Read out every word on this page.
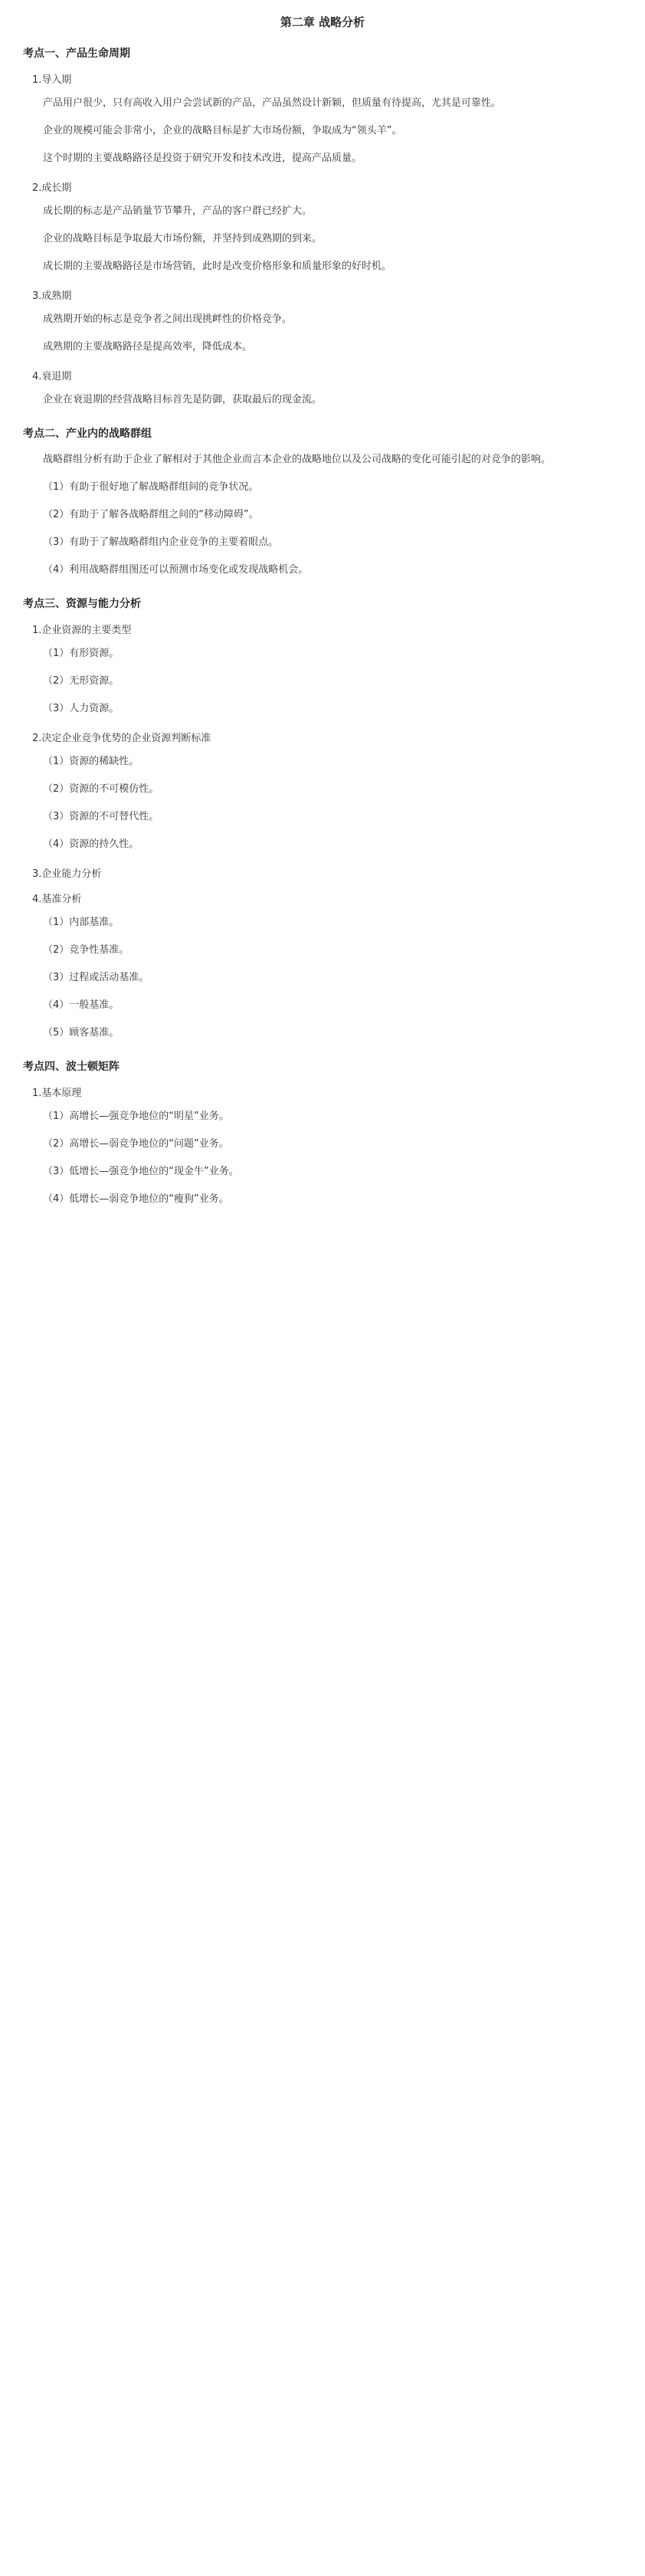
第二章 战略分析
考点一、产品生命周期
1.导入期

产品用户很少，只有高收入用户会尝试新的产品，产品虽然设计新颖，但质量有待提高，尤其是可靠性。

企业的规模可能会非常小，企业的战略目标是扩大市场份额，争取成为“领头羊”。

这个时期的主要战略路径是投资于研究开发和技术改进，提高产品质量。

2.成长期

成长期的标志是产品销量节节攀升，产品的客户群已经扩大。

企业的战略目标是争取最大市场份额，并坚持到成熟期的到来。

成长期的主要战略路径是市场营销，此时是改变价格形象和质量形象的好时机。

3.成熟期

成熟期开始的标志是竞争者之间出现挑衅性的价格竞争。

成熟期的主要战略路径是提高效率，降低成本。

4.衰退期

企业在衰退期的经营战略目标首先是防御，获取最后的现金流。

考点二、产业内的战略群组

战略群组分析有助于企业了解相对于其他企业而言本企业的战略地位以及公司战略的变化可能引起的对竞争的影响。

（1）有助于很好地了解战略群组间的竞争状况。

（2）有助于了解各战略群组之间的“移动障碍”。

（3）有助于了解战略群组内企业竞争的主要着眼点。

（4）利用战略群组图还可以预测市场变化或发现战略机会。

考点三、资源与能力分析
1.企业资源的主要类型

（1）有形资源。

（2）无形资源。

（3）人力资源。

2.决定企业竞争优势的企业资源判断标准

（1）资源的稀缺性。

（2）资源的不可模仿性。

（3）资源的不可替代性。

（4）资源的持久性。

3.企业能力分析
4.基准分析

（1）内部基准。

（2）竞争性基准。

（3）过程或活动基准。

（4）一般基准。

（5）顾客基准。

考点四、波士顿矩阵
1.基本原理

（1）高增长—强竞争地位的“明星”业务。

（2）高增长—弱竞争地位的“问题”业务。

（3）低增长—强竞争地位的“现金牛”业务。

（4）低增长—弱竞争地位的“瘦狗”业务。
